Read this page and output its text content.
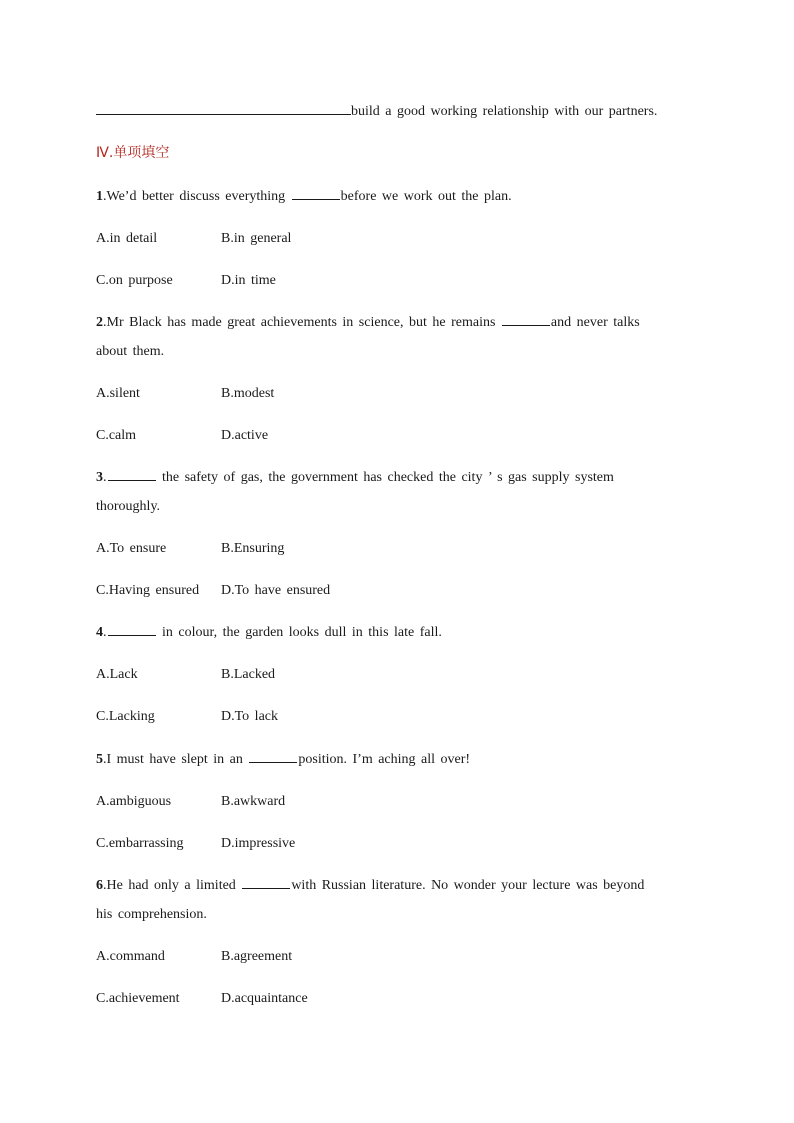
build a good working relationship with our partners.
Ⅳ.单项填空
1.We’d better discuss everything	before we work out the plan.
A.in detail	B.in general
C.on purpose	D.in time
2.Mr Black has made great achievements in science, but he remains	and never talks
about them.
A.silent	B.modest
C.calm	D.active
3.	the safety of gas, the government has checked the city ’ s gas supply system
thoroughly.
A.To ensure	B.Ensuring
C.Having ensured D.To have ensured
4.	in colour, the garden looks dull in this late fall.
A.Lack	B.Lacked
C.Lacking	D.To lack
5.I must have slept in an	position. I’m aching all over!
A.ambiguous	B.awkward
C.embarrassing	D.impressive
6.He had only a limited	with Russian literature. No wonder your lecture was beyond
his comprehension.
A.command	B.agreement
C.achievement	D.acquaintance
